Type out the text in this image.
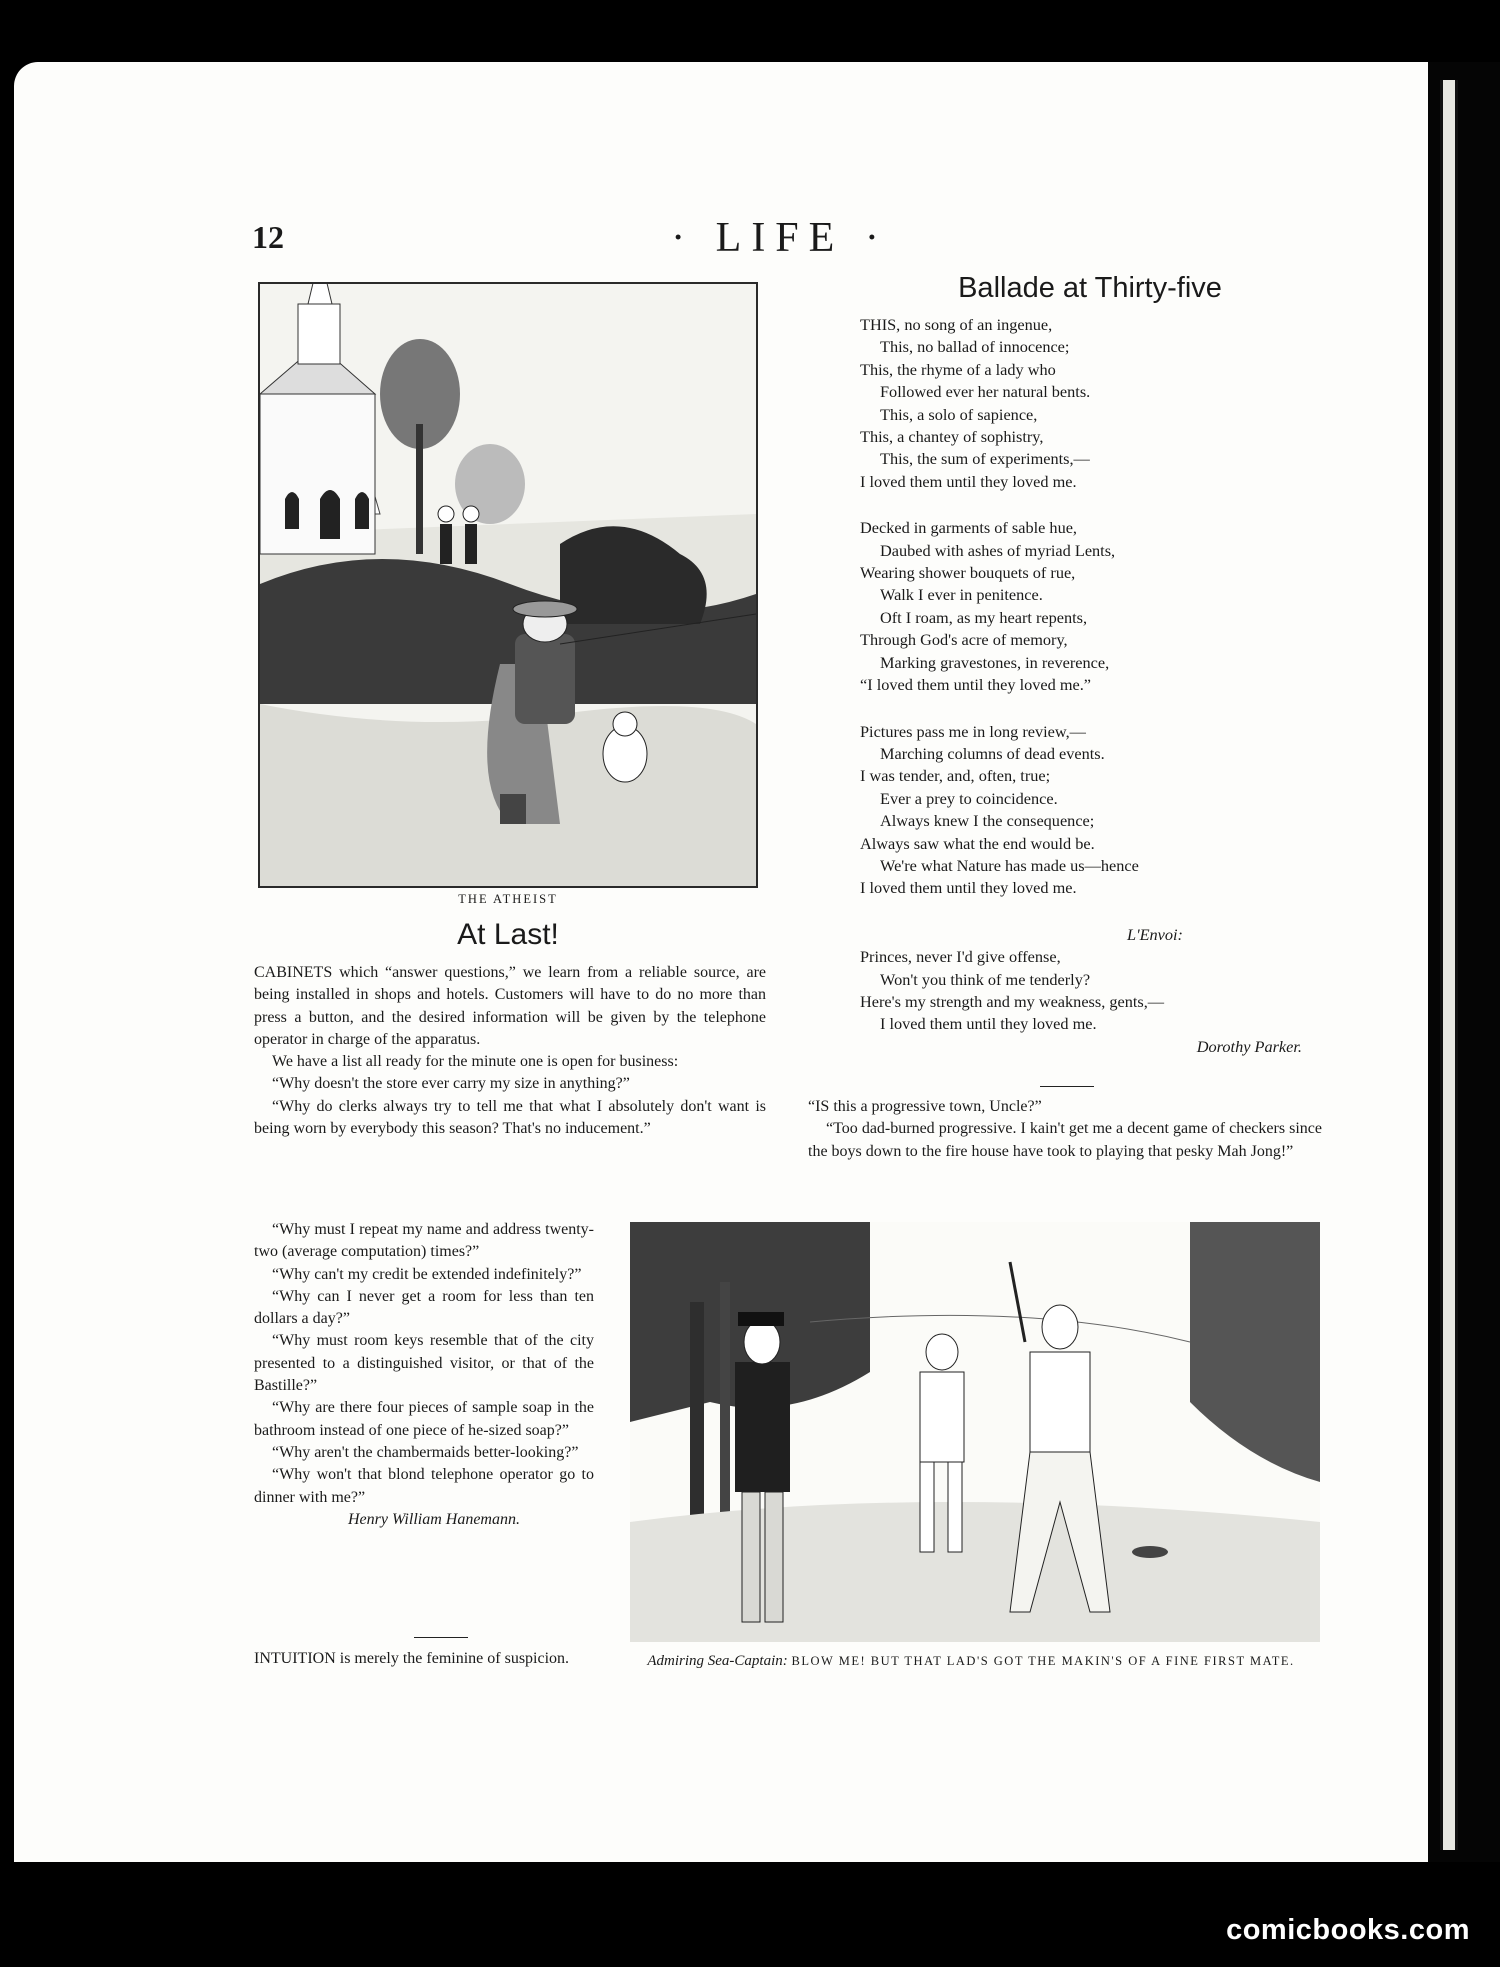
12	· LIFE ·
THE ATHEIST
At Last!

CABINETS which “answer questions,” we learn from a reliable source, are being installed in shops and hotels. Customers will have to do no more than press a button, and the desired information will be given by the telephone operator in charge of the apparatus.

We have a list all ready for the minute one is open for business:

“Why doesn't the store ever carry my size in anything?”

“Why do clerks always try to tell me that what I absolutely don't want is being worn by everybody this season? That's no inducement.”

“Why must I repeat my name and address twenty-two (average computation) times?”

“Why can't my credit be extended indefinitely?”

“Why can I never get a room for less than ten dollars a day?”

“Why must room keys resemble that of the city presented to a distinguished visitor, or that of the Bastille?”

“Why are there four pieces of sample soap in the bathroom instead of one piece of he-sized soap?”

“Why aren't the chambermaids better-looking?”

“Why won't that blond telephone operator go to dinner with me?”

Henry William Hanemann.

INTUITION is merely the feminine of suspicion.

Ballade at Thirty-five
THIS, no song of an ingenue,
This, no ballad of innocence;
This, the rhyme of a lady who
Followed ever her natural bents.
This, a solo of sapience,
This, a chantey of sophistry,
This, the sum of experiments,—
I loved them until they loved me.
Decked in garments of sable hue,
Daubed with ashes of myriad Lents,
Wearing shower bouquets of rue,
Walk I ever in penitence.
Oft I roam, as my heart repents,
Through God's acre of memory,
Marking gravestones, in reverence,
“I loved them until they loved me.”
Pictures pass me in long review,—
Marching columns of dead events.
I was tender, and, often, true;
Ever a prey to coincidence.
Always knew I the consequence;
Always saw what the end would be.
We're what Nature has made us—hence
I loved them until they loved me.
L'Envoi:
Princes, never I'd give offense,
Won't you think of me tenderly?
Here's my strength and my weakness, gents,—
I loved them until they loved me.
Dorothy Parker.

“IS this a progressive town, Uncle?”

“Too dad-burned progressive. I kain't get me a decent game of checkers since the boys down to the fire house have took to playing that pesky Mah Jong!”

Admiring Sea-Captain: BLOW ME! BUT THAT LAD'S GOT THE MAKIN'S OF A FINE FIRST MATE.
comicbooks.com
